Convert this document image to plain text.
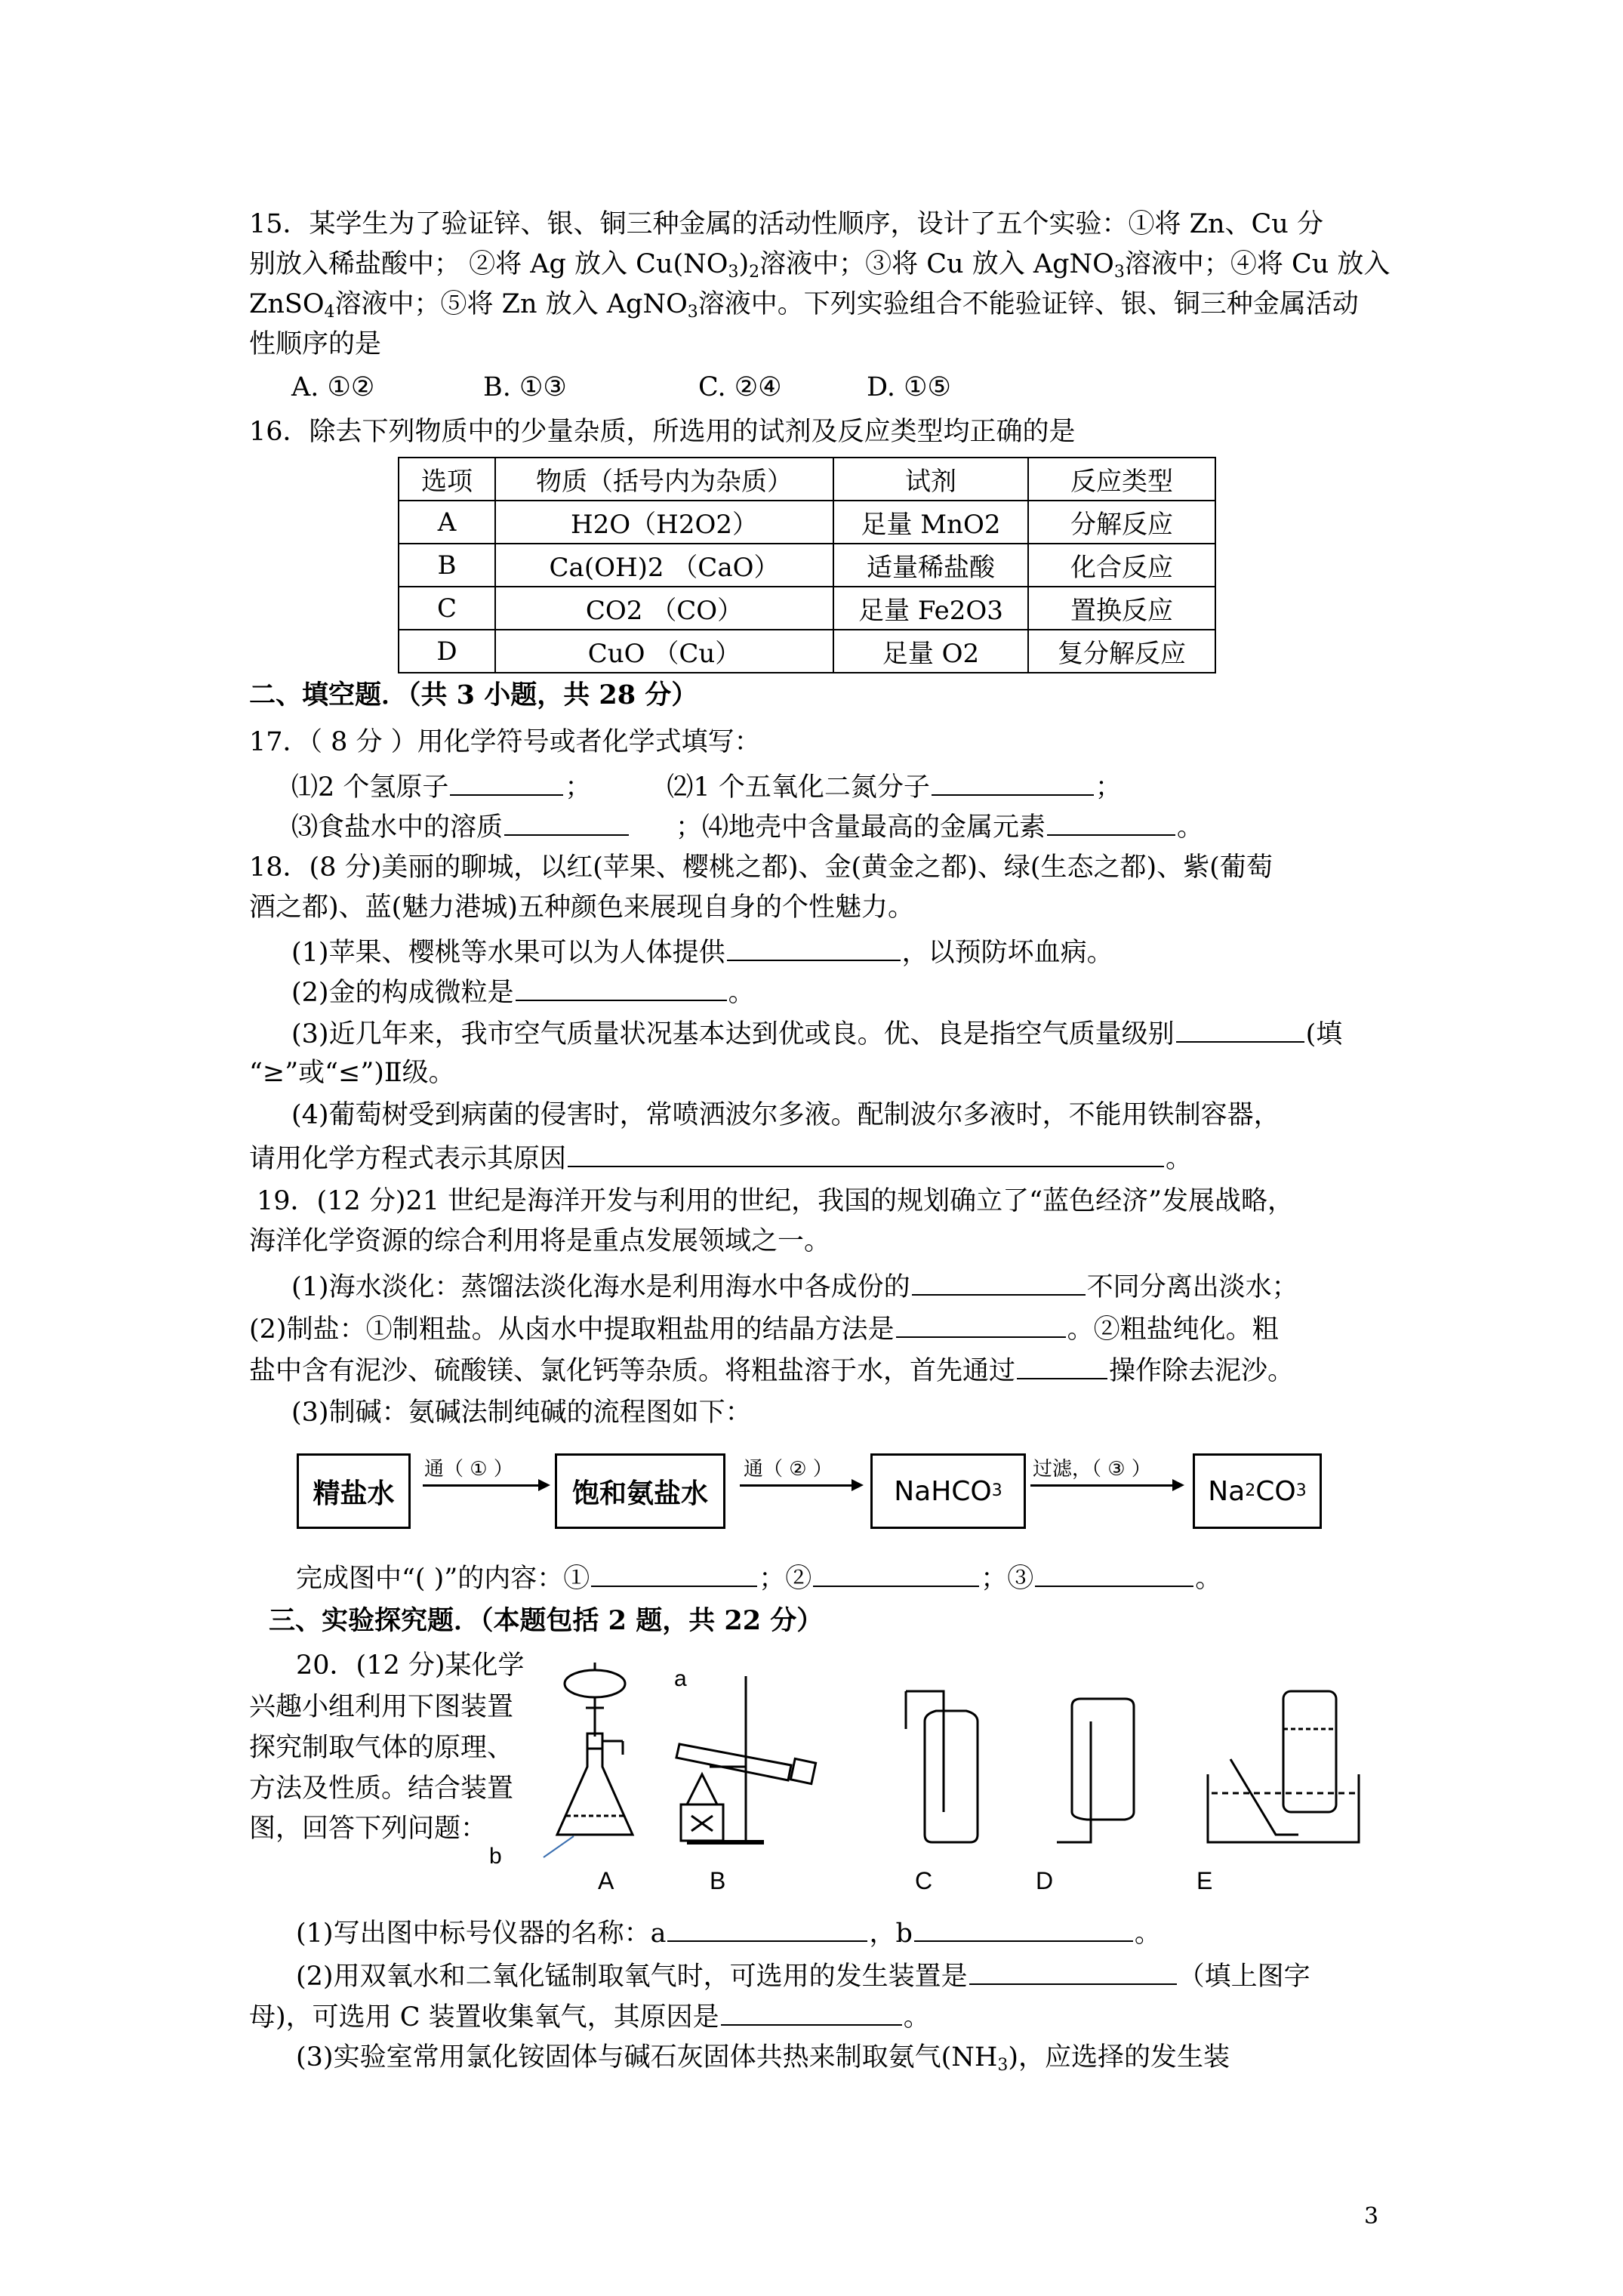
15．某学生为了验证锌、银、铜三种金属的活动性顺序，设计了五个实验：①将 Zn、Cu 分
别放入稀盐酸中； ②将 Ag 放入 $Cu(NO_3)_2$溶液中；③将 Cu 放入 AgNO$_3$溶液中；④将 Cu 放入
ZnSO$_4$溶液中；⑤将 Zn 放入 AgNO$_3$溶液中。下列实验组合不能验证锌、银、铜三种金属活动
性顺序的是
A. ①②	B. ①③	C. ②④	D. ①⑤
16．除去下列物质中的少量杂质，所选用的试剂及反应类型均正确的是
选项	物质（括号内为杂质）	试剂	反应类型
A	H2O（H2O2）	足量 MnO2	分解反应
B	Ca(OH)2 （CaO）	适量稀盐酸	化合反应
C	CO2 （CO）	足量 Fe2O3	置换反应
D	CuO （Cu）	足量 O2	复分解反应
二、填空题．（共 3 小题，共 28 分）
17．（ 8 分 ）用化学符号或者化学式填写：
⑴2 个氢原子	；	⑵1 个五氧化二氮分子	；
⑶食盐水中的溶质	；⑷地壳中含量最高的金属元素	。
18．(8 分)美丽的聊城，以红(苹果、樱桃之都)、金(黄金之都)、绿(生态之都)、紫(葡萄
酒之都)、蓝(魅力港城)五种颜色来展现自身的个性魅力。
(1)苹果、樱桃等水果可以为人体提供	，以预防坏血病。
(2)金的构成微粒是	。
(3)近几年来，我市空气质量状况基本达到优或良。优、良是指空气质量级别	(填
“≥”或“≤”)Ⅱ级。
(4)葡萄树受到病菌的侵害时，常喷洒波尔多液。配制波尔多液时，不能用铁制容器，
请用化学方程式表示其原因	。
19．(12 分)21 世纪是海洋开发与利用的世纪，我国的规划确立了“蓝色经济”发展战略，
海洋化学资源的综合利用将是重点发展领域之一。
(1)海水淡化：蒸馏法淡化海水是利用海水中各成份的	不同分离出淡水；
(2)制盐：①制粗盐。从卤水中提取粗盐用的结晶方法是	。②粗盐纯化。粗
盐中含有泥沙、硫酸镁、氯化钙等杂质。将粗盐溶于水，首先通过	操作除去泥沙。
(3)制碱：氨碱法制纯碱的流程图如下：
精盐水
通（ ① ）
饱和氨盐水
通（ ② ）
NaHCO 3
过滤，（ ③ ）
Na 2 CO 3
完成图中“( )”的内容：①	；②	；③	。
三、实验探究题．（本题包括 2 题，共 22 分）
20．(12 分)某化学
兴趣小组利用下图装置
探究制取气体的原理、
方法及性质。结合装置
图，回答下列问题：
a
b
A	B	C	D	E
(1)写出图中标号仪器的名称：a	，b	。
(2)用双氧水和二氧化锰制取氧气时，可选用的发生装置是	（填上图字
母)，可选用 C 装置收集氧气，其原因是	。
(3)实验室常用氯化铵固体与碱石灰固体共热来制取氨气$(NH_3)$，应选择的发生装
3
